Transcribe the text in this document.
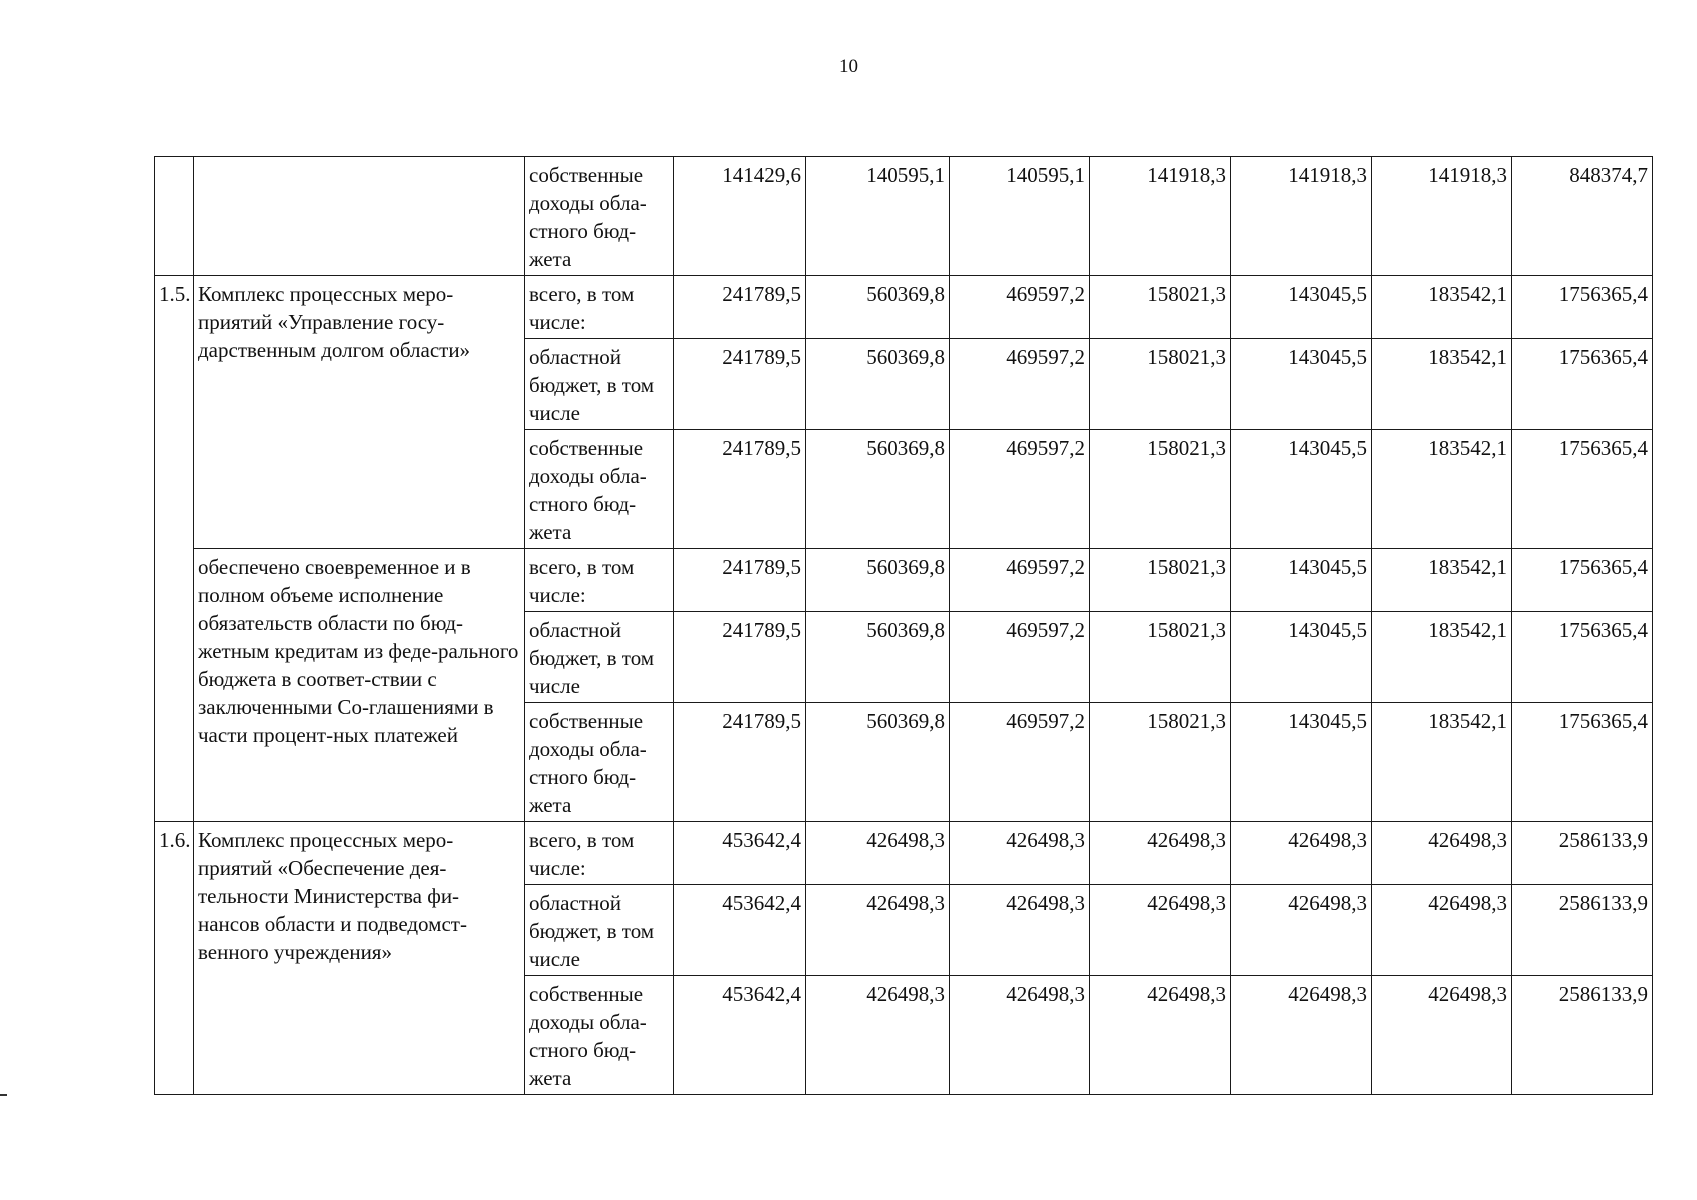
10
		собственные доходы обла-стного бюд-жета	141429,6	140595,1	140595,1	141918,3	141918,3	141918,3	848374,7
1.5.	Комплекс процессных меро-приятий «Управление госу-дарственным долгом области»	всего, в том числе:	241789,5	560369,8	469597,2	158021,3	143045,5	183542,1	1756365,4
		областной бюджет, в том числе	241789,5	560369,8	469597,2	158021,3	143045,5	183542,1	1756365,4
		собственные доходы обла-стного бюд-жета	241789,5	560369,8	469597,2	158021,3	143045,5	183542,1	1756365,4
	обеспечено своевременное и в полном объеме исполнение обязательств области по бюд-жетным кредитам из феде-рального бюджета в соответ-ствии с заключенными Со-глашениями в части процент-ных платежей	всего, в том числе:	241789,5	560369,8	469597,2	158021,3	143045,5	183542,1	1756365,4
		областной бюджет, в том числе	241789,5	560369,8	469597,2	158021,3	143045,5	183542,1	1756365,4
		собственные доходы обла-стного бюд-жета	241789,5	560369,8	469597,2	158021,3	143045,5	183542,1	1756365,4
1.6.	Комплекс процессных меро-приятий «Обеспечение дея-тельности Министерства фи-нансов области и подведомст-венного учреждения»	всего, в том числе:	453642,4	426498,3	426498,3	426498,3	426498,3	426498,3	2586133,9
		областной бюджет, в том числе	453642,4	426498,3	426498,3	426498,3	426498,3	426498,3	2586133,9
		собственные доходы обла-стного бюд-жета	453642,4	426498,3	426498,3	426498,3	426498,3	426498,3	2586133,9
